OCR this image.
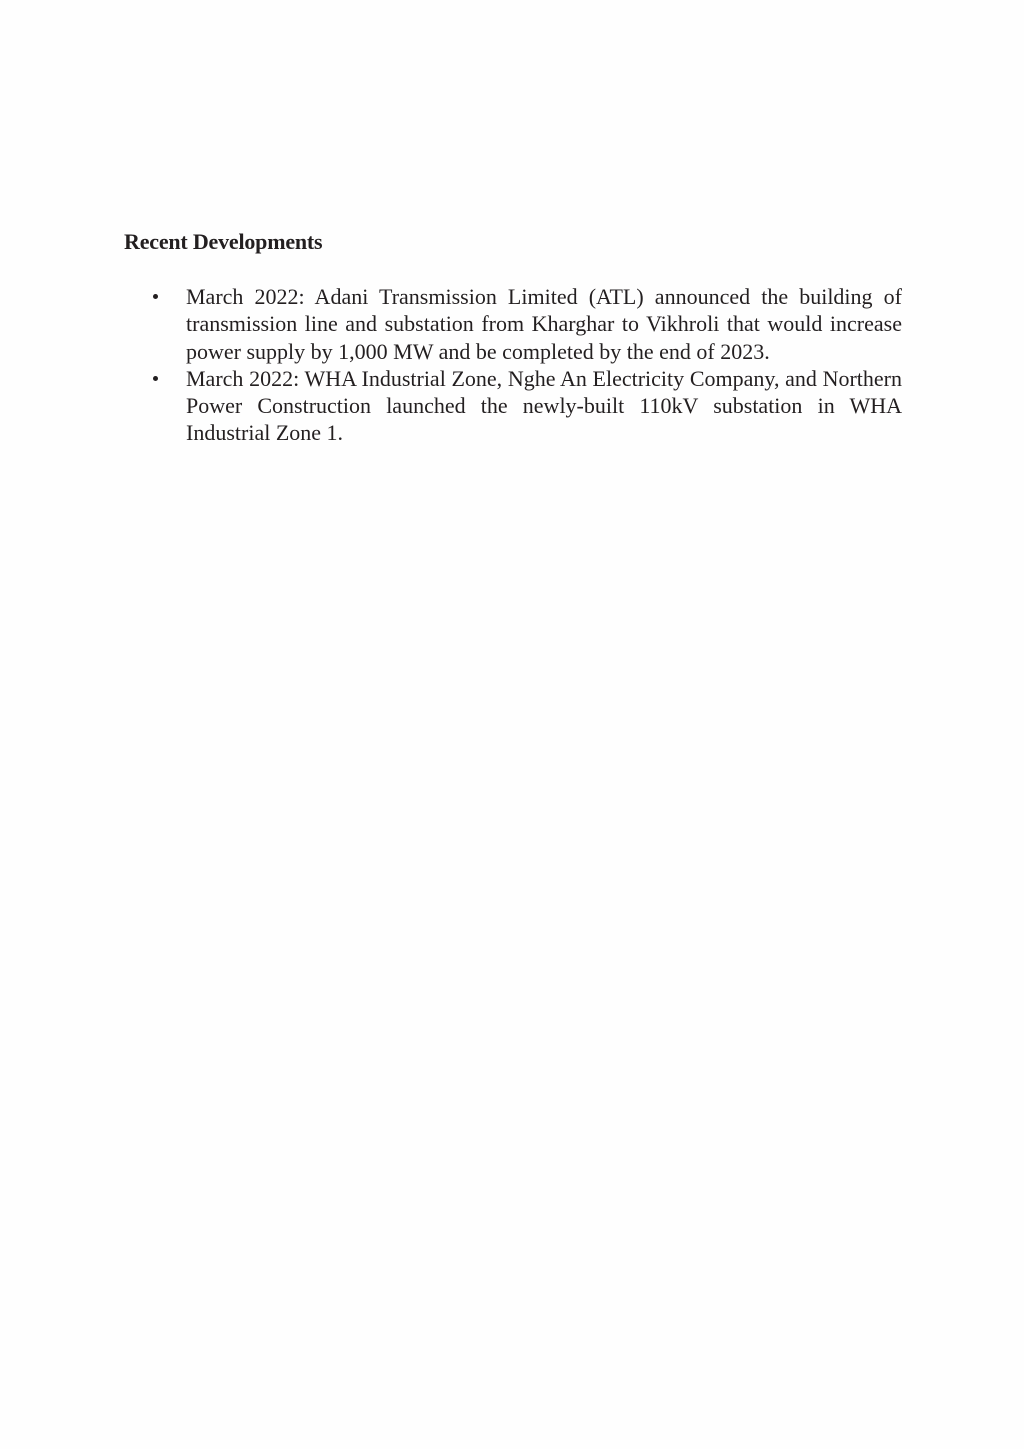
Recent Developments
March 2022: Adani Transmission Limited (ATL) announced the building of transmission line and substation from Kharghar to Vikhroli that would increase power supply by 1,000 MW and be completed by the end of 2023.
March 2022: WHA Industrial Zone, Nghe An Electricity Company, and Northern Power Construction launched the newly-built 110kV substation in WHA Industrial Zone 1.
